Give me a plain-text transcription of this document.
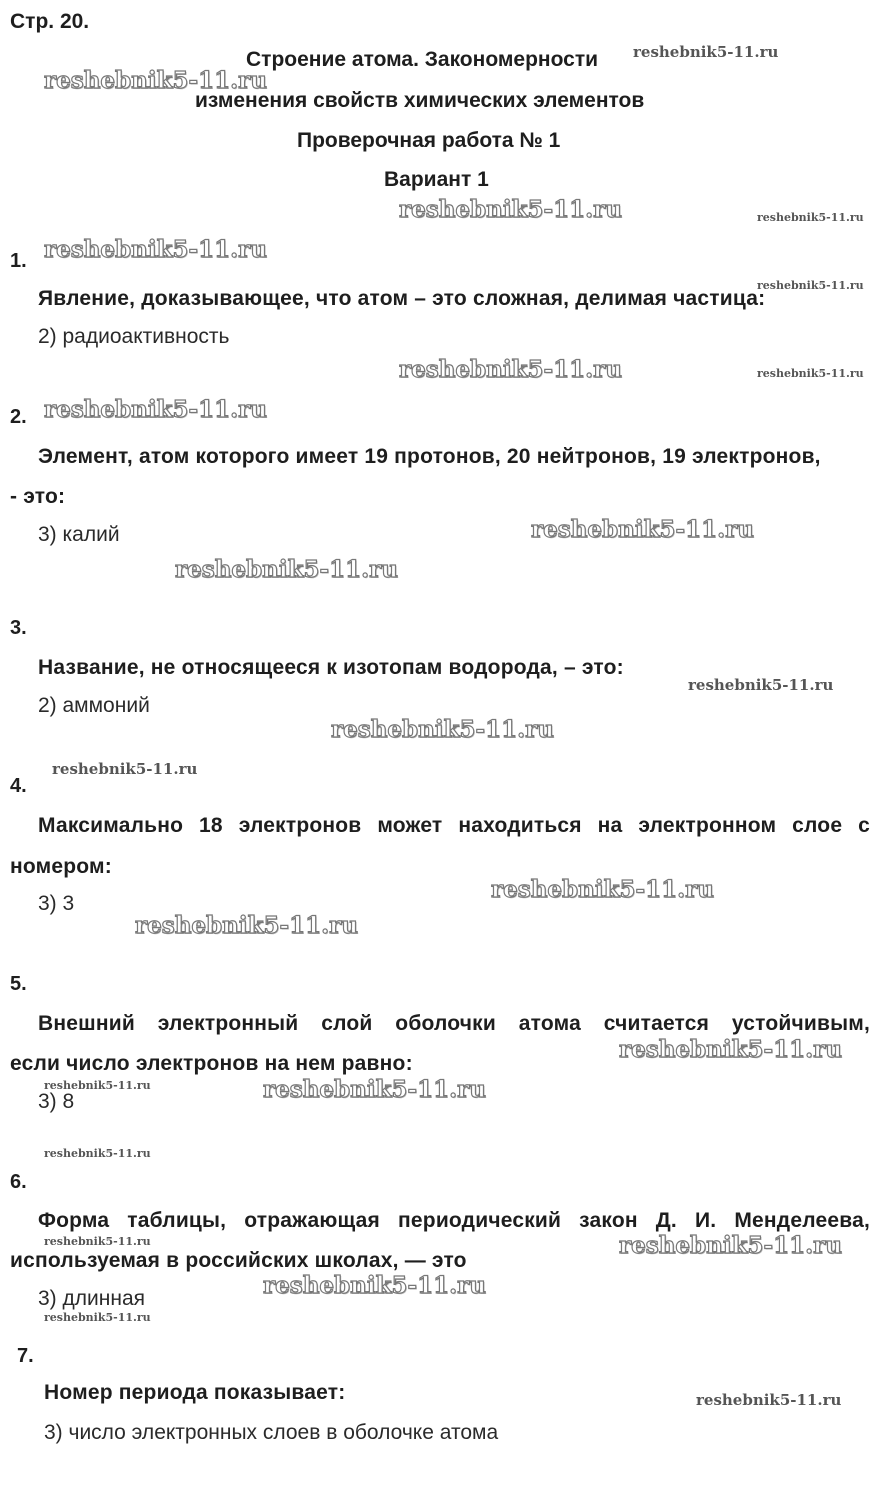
Стр. 20.
Строение атома. Закономерности
изменения свойств химических элементов
Проверочная работа № 1
Вариант 1
1.
Явление, доказывающее, что атом – это сложная, делимая частица:
2) радиоактивность
2.
Элемент, атом которого имеет 19 протонов, 20 нейтронов, 19 электронов,
- это:
3) калий
3.
Название, не относящееся к изотопам водорода, – это:
2) аммоний
4.
Максимально 18 электронов может находиться на электронном слое с
номером:
3) 3
5.
Внешний электронный слой оболочки атома считается устойчивым,
если число электронов на нем равно:
3) 8
6.
Форма таблицы, отражающая периодический закон Д. И. Менделеева,
используемая в российских школах, — это
3) длинная
7.
Номер периода показывает:
3) число электронных слоев в оболочке атома
reshebnik5-11.ru
reshebnik5-11.ru
reshebnik5-11.ru	reshebnik5-11.ru
reshebnik5-11.ru
reshebnik5-11.ru
reshebnik5-11.ru	reshebnik5-11.ru
reshebnik5-11.ru
reshebnik5-11.ru
reshebnik5-11.ru
reshebnik5-11.ru
reshebnik5-11.ru
reshebnik5-11.ru
reshebnik5-11.ru
reshebnik5-11.ru
reshebnik5-11.ru
reshebnik5-11.ru	reshebnik5-11.ru
reshebnik5-11.ru
reshebnik5-11.ru
reshebnik5-11.ru
reshebnik5-11.ru
reshebnik5-11.ru
reshebnik5-11.ru
